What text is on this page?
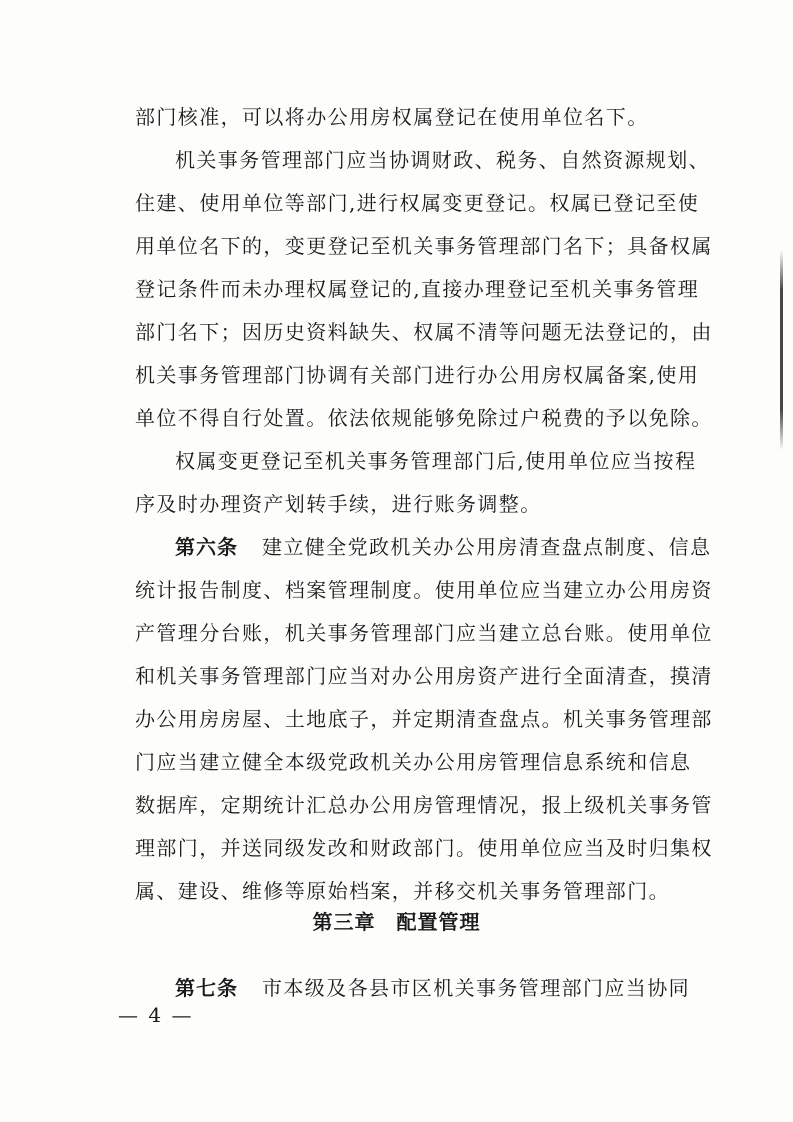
部门核准，可以将办公用房权属登记在使用单位名下。
机关事务管理部门应当协调财政、税务、自然资源规划、
住建、使用单位等部门,进行权属变更登记。权属已登记至使
用单位名下的，变更登记至机关事务管理部门名下；具备权属
登记条件而未办理权属登记的,直接办理登记至机关事务管理
部门名下；因历史资料缺失、权属不清等问题无法登记的，由
机关事务管理部门协调有关部门进行办公用房权属备案,使用
单位不得自行处置。依法依规能够免除过户税费的予以免除。
权属变更登记至机关事务管理部门后,使用单位应当按程
序及时办理资产划转手续，进行账务调整。
第六条 建立健全党政机关办公用房清查盘点制度、信息
统计报告制度、档案管理制度。使用单位应当建立办公用房资
产管理分台账，机关事务管理部门应当建立总台账。使用单位
和机关事务管理部门应当对办公用房资产进行全面清查，摸清
办公用房房屋、土地底子，并定期清查盘点。机关事务管理部
门应当建立健全本级党政机关办公用房管理信息系统和信息
数据库，定期统计汇总办公用房管理情况，报上级机关事务管
理部门，并送同级发改和财政部门。使用单位应当及时归集权
属、建设、维修等原始档案，并移交机关事务管理部门。
第三章　配置管理
第七条 市本级及各县市区机关事务管理部门应当协同
— 4 —
